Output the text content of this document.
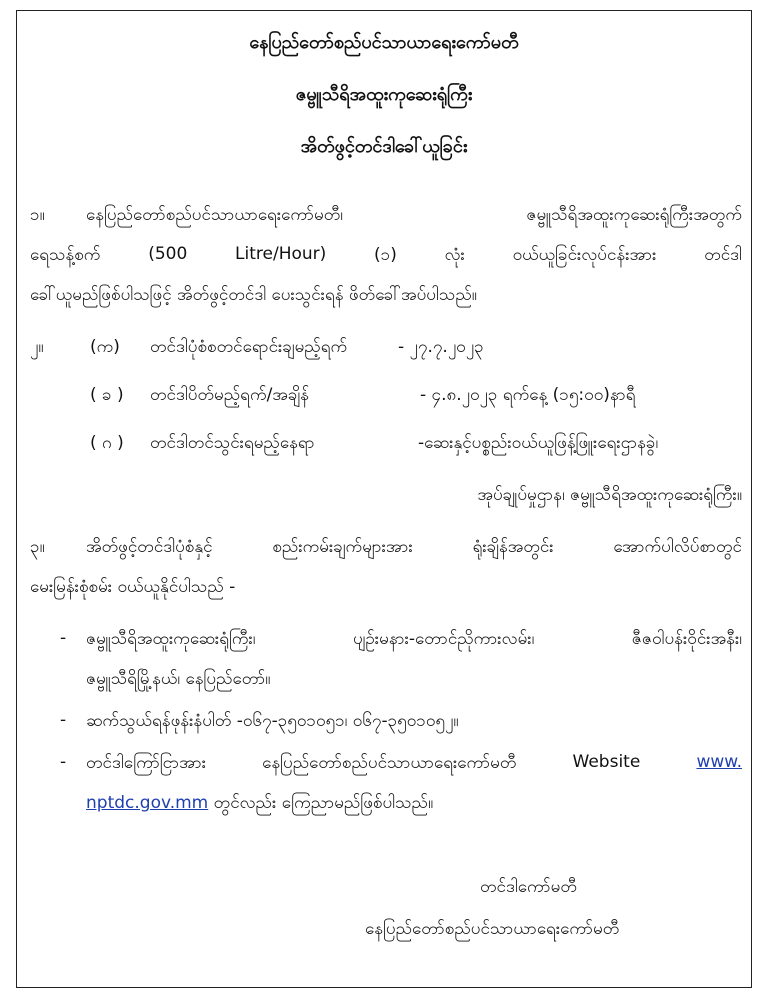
နေပြည်တော်စည်ပင်သာယာရေးကော်မတီ
ဇမ္ဗူသီရိအထူးကုဆေးရုံကြီး
အိတ်ဖွင့်တင်ဒါခေါ်ယူခြင်း
၁။ နေပြည်တော်စည်ပင်သာယာရေးကော်မတီ၊	ဇမ္ဗူသီရိအထူးကုဆေးရုံကြီးအတွက်
ရေသန့်စက်	(500	Litre/Hour)	(၁)	လုံး	ဝယ်ယူခြင်းလုပ်ငန်းအား	တင်ဒါ
ခေါ်ယူမည်ဖြစ်ပါသဖြင့် အိတ်ဖွင့်တင်ဒါ ပေးသွင်းရန် ဖိတ်ခေါ်အပ်ပါသည်။
၂။	(က) တင်ဒါပုံစံစတင်ရောင်းချမည့်ရက်	- ၂၇.၇.၂၀၂၃
( ခ ) တင်ဒါပိတ်မည့်ရက်/အချိန်	- ၄.၈.၂၀၂၃ ရက်နေ့ (၁၅:၀၀)နာရီ
( ဂ ) တင်ဒါတင်သွင်းရမည့်နေရာ	-ဆေးနှင့်ပစ္စည်းဝယ်ယူဖြန့်ဖြူးရေးဌာနခွဲ၊
အုပ်ချုပ်မှုဌာန၊ ဇမ္ဗူသီရိအထူးကုဆေးရုံကြီး။
၃။ အိတ်ဖွင့်တင်ဒါပုံစံနှင့်	စည်းကမ်းချက်များအား	ရုံးချိန်အတွင်း	အောက်ပါလိပ်စာတွင်
မေးမြန်းစုံစမ်း ဝယ်ယူနိုင်ပါသည် -
- ဇမ္ဗူသီရိအထူးကုဆေးရုံကြီး၊	ပျဉ်းမနား-တောင်ညိုကားလမ်း၊	ဇီဇဝါပန်းဝိုင်းအနီး၊
ဇမ္ဗူသီရိမြို့နယ်၊ နေပြည်တော်။
- ဆက်သွယ်ရန်ဖုန်းနံပါတ် -၀၆၇-၃၅၀၁၀၅၁၊ ၀၆၇-၃၅၀၁၀၅၂။
- တင်ဒါကြော်ငြာအား	နေပြည်တော်စည်ပင်သာယာရေးကော်မတီ	Website	www.
nptdc.gov.mm တွင်လည်း ကြေညာမည်ဖြစ်ပါသည်။
တင်ဒါကော်မတီ
နေပြည်တော်စည်ပင်သာယာရေးကော်မတီ
